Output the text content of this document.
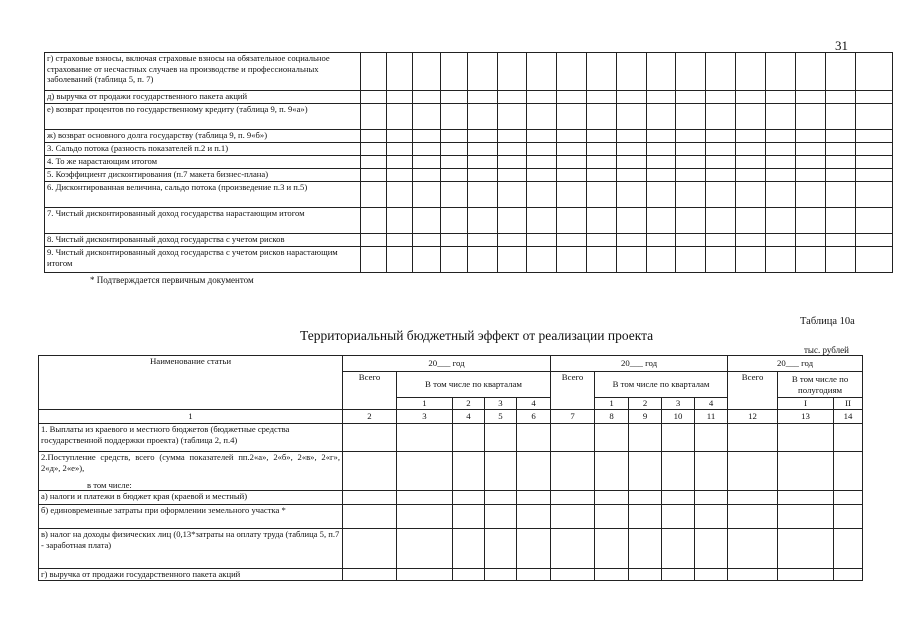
31
г) страховые взносы, включая страховые взносы на обязательное социальное страхование от несчастных случаев на производстве и профессиональных заболеваний (таблица 5, п. 7)																		
д) выручка от продажи государственного пакета акций																		
е) возврат процентов по государственному кредиту (таблица 9, п. 9«а»)																		
ж) возврат основного долга государству (таблица 9, п. 9«б»)																		
3. Сальдо потока (разность показателей п.2 и п.1)																		
4. То же нарастающим итогом																		
5. Коэффициент дисконтирования (п.7 макета бизнес-плана)																		
6. Дисконтированная величина, сальдо потока (произведение п.3 и п.5)																		
7. Чистый дисконтированный доход государства нарастающим итогом																		
8. Чистый дисконтированный доход государства с учетом рисков																		
9. Чистый дисконтированный доход государства с учетом рисков нарастающим итогом																		
* Подтверждается первичным документом
Таблица 10а
Территориальный бюджетный эффект от реализации проекта
тыс. рублей
Наименование статьи	20___ год					20___ год					20___ год		
	Всего	В том числе по кварталам				Всего	В том числе по кварталам				Всего	В том числе по полугодиям	
		1	2	3	4		1	2	3	4		I	II
1	2	3	4	5	6	7	8	9	10	11	12	13	14
1. Выплаты из краевого и местного бюджетов (бюджетные средства государственной поддержки проекта) (таблица 2, п.4)													
2.Поступление средств, всего (сумма показателей пп.2«а», 2«б», 2«в», 2«г», 2«д», 2«е»),													
в том числе:													
а) налоги и платежи в бюджет края (краевой и местный)													
б) единовременные затраты при оформлении земельного участка *													
в) налог на доходы физических лиц (0,13*затраты на оплату труда (таблица 5, п.7 - заработная плата)													
г) выручка от продажи государственного пакета акций													
